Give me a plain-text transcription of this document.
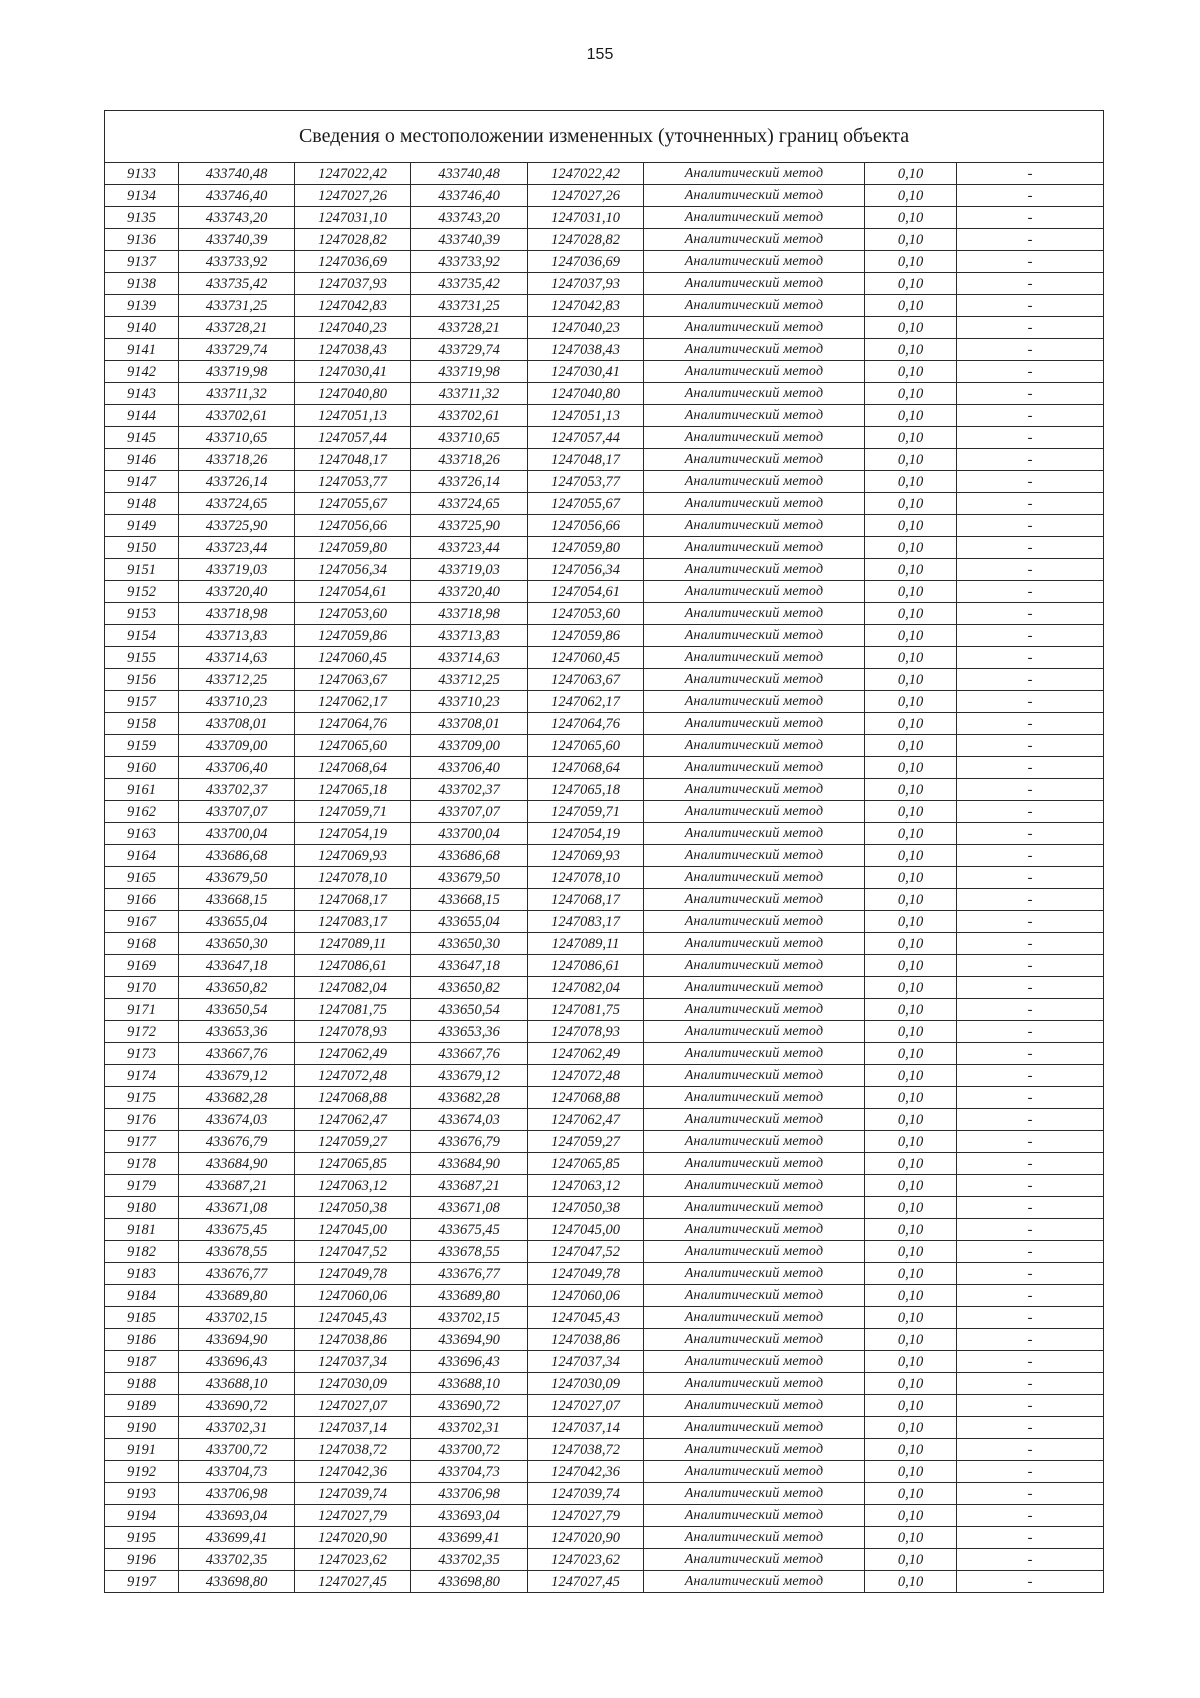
155
Сведения о местоположении измененных (уточненных) границ объекта							
9133	433740,48	1247022,42	433740,48	1247022,42	Аналитический метод	0,10	-
9134	433746,40	1247027,26	433746,40	1247027,26	Аналитический метод	0,10	-
9135	433743,20	1247031,10	433743,20	1247031,10	Аналитический метод	0,10	-
9136	433740,39	1247028,82	433740,39	1247028,82	Аналитический метод	0,10	-
9137	433733,92	1247036,69	433733,92	1247036,69	Аналитический метод	0,10	-
9138	433735,42	1247037,93	433735,42	1247037,93	Аналитический метод	0,10	-
9139	433731,25	1247042,83	433731,25	1247042,83	Аналитический метод	0,10	-
9140	433728,21	1247040,23	433728,21	1247040,23	Аналитический метод	0,10	-
9141	433729,74	1247038,43	433729,74	1247038,43	Аналитический метод	0,10	-
9142	433719,98	1247030,41	433719,98	1247030,41	Аналитический метод	0,10	-
9143	433711,32	1247040,80	433711,32	1247040,80	Аналитический метод	0,10	-
9144	433702,61	1247051,13	433702,61	1247051,13	Аналитический метод	0,10	-
9145	433710,65	1247057,44	433710,65	1247057,44	Аналитический метод	0,10	-
9146	433718,26	1247048,17	433718,26	1247048,17	Аналитический метод	0,10	-
9147	433726,14	1247053,77	433726,14	1247053,77	Аналитический метод	0,10	-
9148	433724,65	1247055,67	433724,65	1247055,67	Аналитический метод	0,10	-
9149	433725,90	1247056,66	433725,90	1247056,66	Аналитический метод	0,10	-
9150	433723,44	1247059,80	433723,44	1247059,80	Аналитический метод	0,10	-
9151	433719,03	1247056,34	433719,03	1247056,34	Аналитический метод	0,10	-
9152	433720,40	1247054,61	433720,40	1247054,61	Аналитический метод	0,10	-
9153	433718,98	1247053,60	433718,98	1247053,60	Аналитический метод	0,10	-
9154	433713,83	1247059,86	433713,83	1247059,86	Аналитический метод	0,10	-
9155	433714,63	1247060,45	433714,63	1247060,45	Аналитический метод	0,10	-
9156	433712,25	1247063,67	433712,25	1247063,67	Аналитический метод	0,10	-
9157	433710,23	1247062,17	433710,23	1247062,17	Аналитический метод	0,10	-
9158	433708,01	1247064,76	433708,01	1247064,76	Аналитический метод	0,10	-
9159	433709,00	1247065,60	433709,00	1247065,60	Аналитический метод	0,10	-
9160	433706,40	1247068,64	433706,40	1247068,64	Аналитический метод	0,10	-
9161	433702,37	1247065,18	433702,37	1247065,18	Аналитический метод	0,10	-
9162	433707,07	1247059,71	433707,07	1247059,71	Аналитический метод	0,10	-
9163	433700,04	1247054,19	433700,04	1247054,19	Аналитический метод	0,10	-
9164	433686,68	1247069,93	433686,68	1247069,93	Аналитический метод	0,10	-
9165	433679,50	1247078,10	433679,50	1247078,10	Аналитический метод	0,10	-
9166	433668,15	1247068,17	433668,15	1247068,17	Аналитический метод	0,10	-
9167	433655,04	1247083,17	433655,04	1247083,17	Аналитический метод	0,10	-
9168	433650,30	1247089,11	433650,30	1247089,11	Аналитический метод	0,10	-
9169	433647,18	1247086,61	433647,18	1247086,61	Аналитический метод	0,10	-
9170	433650,82	1247082,04	433650,82	1247082,04	Аналитический метод	0,10	-
9171	433650,54	1247081,75	433650,54	1247081,75	Аналитический метод	0,10	-
9172	433653,36	1247078,93	433653,36	1247078,93	Аналитический метод	0,10	-
9173	433667,76	1247062,49	433667,76	1247062,49	Аналитический метод	0,10	-
9174	433679,12	1247072,48	433679,12	1247072,48	Аналитический метод	0,10	-
9175	433682,28	1247068,88	433682,28	1247068,88	Аналитический метод	0,10	-
9176	433674,03	1247062,47	433674,03	1247062,47	Аналитический метод	0,10	-
9177	433676,79	1247059,27	433676,79	1247059,27	Аналитический метод	0,10	-
9178	433684,90	1247065,85	433684,90	1247065,85	Аналитический метод	0,10	-
9179	433687,21	1247063,12	433687,21	1247063,12	Аналитический метод	0,10	-
9180	433671,08	1247050,38	433671,08	1247050,38	Аналитический метод	0,10	-
9181	433675,45	1247045,00	433675,45	1247045,00	Аналитический метод	0,10	-
9182	433678,55	1247047,52	433678,55	1247047,52	Аналитический метод	0,10	-
9183	433676,77	1247049,78	433676,77	1247049,78	Аналитический метод	0,10	-
9184	433689,80	1247060,06	433689,80	1247060,06	Аналитический метод	0,10	-
9185	433702,15	1247045,43	433702,15	1247045,43	Аналитический метод	0,10	-
9186	433694,90	1247038,86	433694,90	1247038,86	Аналитический метод	0,10	-
9187	433696,43	1247037,34	433696,43	1247037,34	Аналитический метод	0,10	-
9188	433688,10	1247030,09	433688,10	1247030,09	Аналитический метод	0,10	-
9189	433690,72	1247027,07	433690,72	1247027,07	Аналитический метод	0,10	-
9190	433702,31	1247037,14	433702,31	1247037,14	Аналитический метод	0,10	-
9191	433700,72	1247038,72	433700,72	1247038,72	Аналитический метод	0,10	-
9192	433704,73	1247042,36	433704,73	1247042,36	Аналитический метод	0,10	-
9193	433706,98	1247039,74	433706,98	1247039,74	Аналитический метод	0,10	-
9194	433693,04	1247027,79	433693,04	1247027,79	Аналитический метод	0,10	-
9195	433699,41	1247020,90	433699,41	1247020,90	Аналитический метод	0,10	-
9196	433702,35	1247023,62	433702,35	1247023,62	Аналитический метод	0,10	-
9197	433698,80	1247027,45	433698,80	1247027,45	Аналитический метод	0,10	-
